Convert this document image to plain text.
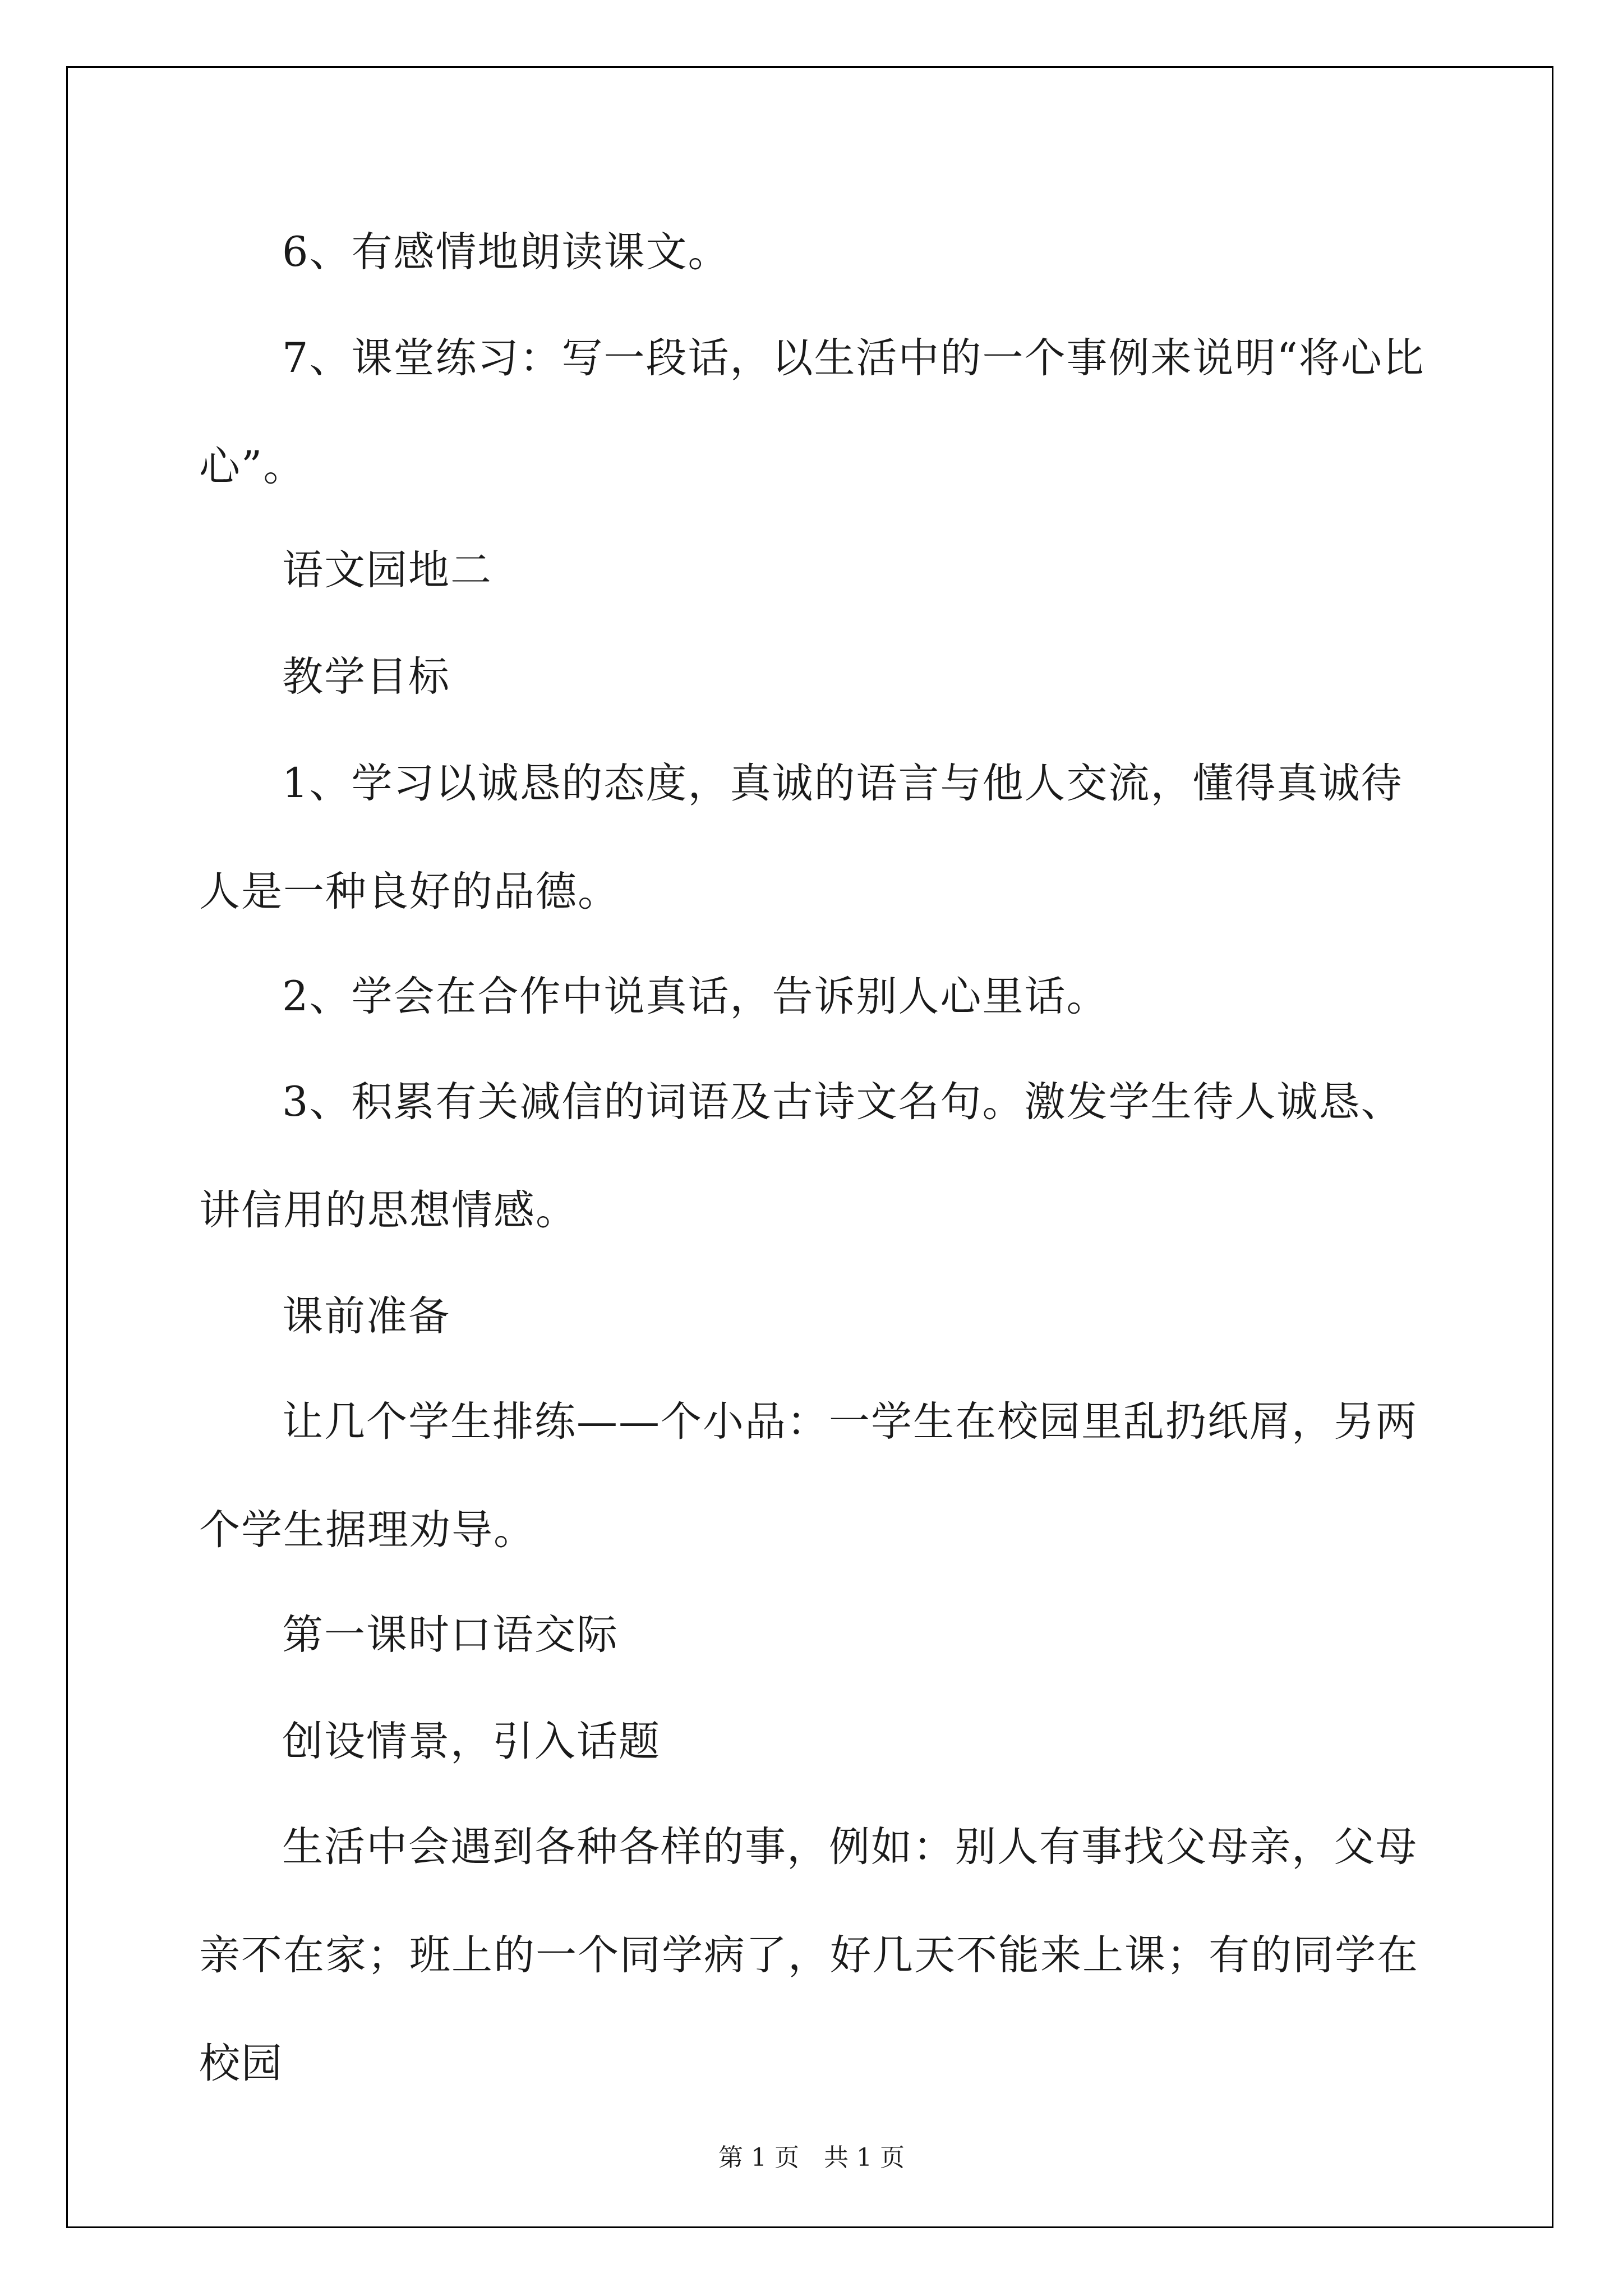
6、有感情地朗读课文。

7、课堂练习：写一段话，以生活中的一个事例来说明“将心比心”。

语文园地二

教学目标

1、学习以诚恳的态度，真诚的语言与他人交流，懂得真诚待人是一种良好的品德。

2、学会在合作中说真话，告诉别人心里话。

3、积累有关减信的词语及古诗文名句。激发学生待人诚恳、讲信用的思想情感。

课前准备

让几个学生排练——个小品：一学生在校园里乱扔纸屑，另两个学生据理劝导。

第一课时口语交际

创设情景，引入话题

生活中会遇到各种各样的事，例如：别人有事找父母亲，父母亲不在家；班上的一个同学病了，好几天不能来上课；有的同学在校园

第 1 页　共 1 页
